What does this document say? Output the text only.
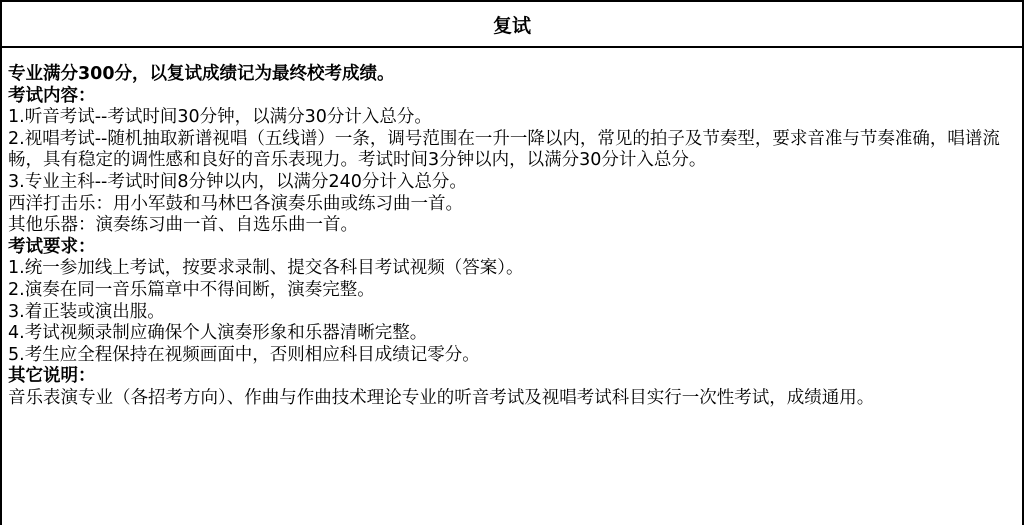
复试
专业满分300分，以复试成绩记为最终校考成绩。
考试内容：
1.听音考试--考试时间30分钟，以满分30分计入总分。
2.视唱考试--随机抽取新谱视唱（五线谱）一条，调号范围在一升一降以内，常见的拍子及节奏型，要求音准与节奏准确，唱谱流畅，具有稳定的调性感和良好的音乐表现力。考试时间3分钟以内，以满分30分计入总分。
3.专业主科--考试时间8分钟以内，以满分240分计入总分。
西洋打击乐：用小军鼓和马林巴各演奏乐曲或练习曲一首。
其他乐器：演奏练习曲一首、自选乐曲一首。
考试要求：
1.统一参加线上考试，按要求录制、提交各科目考试视频（答案）。
2.演奏在同一音乐篇章中不得间断，演奏完整。
3.着正装或演出服。
4.考试视频录制应确保个人演奏形象和乐器清晰完整。
5.考生应全程保持在视频画面中，否则相应科目成绩记零分。
其它说明：
音乐表演专业（各招考方向）、作曲与作曲技术理论专业的听音考试及视唱考试科目实行一次性考试，成绩通用。
